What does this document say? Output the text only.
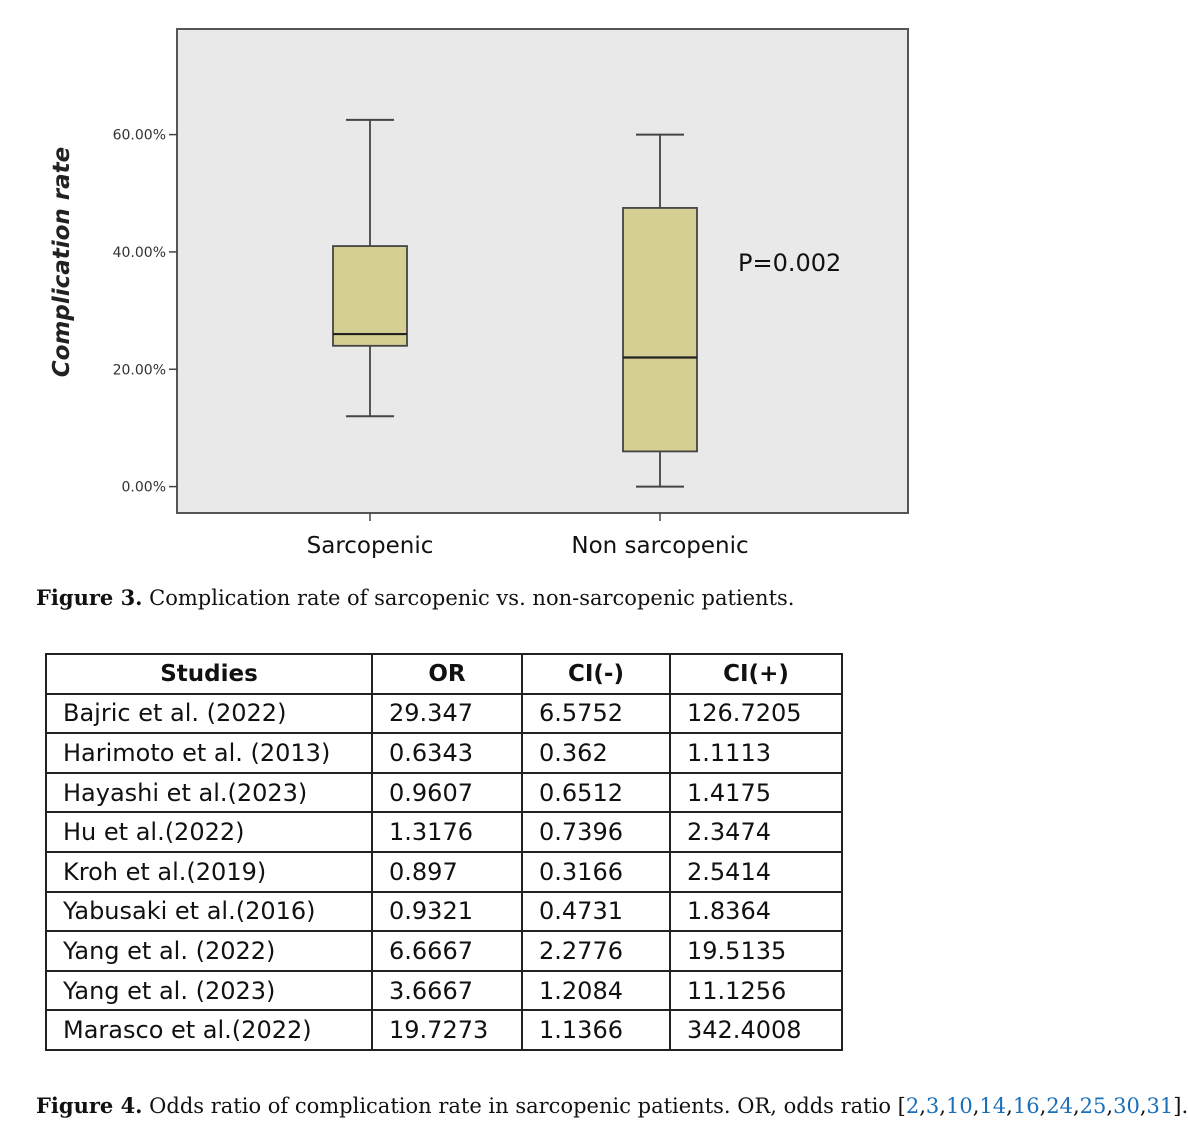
0.00%
20.00%
40.00%
60.00%
Sarcopenic	Non sarcopenic
Complication rate	P=0.002
Figure 3. Complication rate of sarcopenic vs. non-sarcopenic patients.
Studies	OR	CI(-)	CI(+)
Bajric et al. (2022)	29.347	6.5752	126.7205
Harimoto et al. (2013)	0.6343	0.362	1.1113
Hayashi et al.(2023)	0.9607	0.6512	1.4175
Hu et al.(2022)	1.3176	0.7396	2.3474
Kroh et al.(2019)	0.897	0.3166	2.5414
Yabusaki et al.(2016)	0.9321	0.4731	1.8364
Yang et al. (2022)	6.6667	2.2776	19.5135
Yang et al. (2023)	3.6667	1.2084	11.1256
Marasco et al.(2022)	19.7273	1.1366	342.4008
Figure 4. Odds ratio of complication rate in sarcopenic patients. OR, odds ratio [2,3,10,14,16,24,25,30,31].
